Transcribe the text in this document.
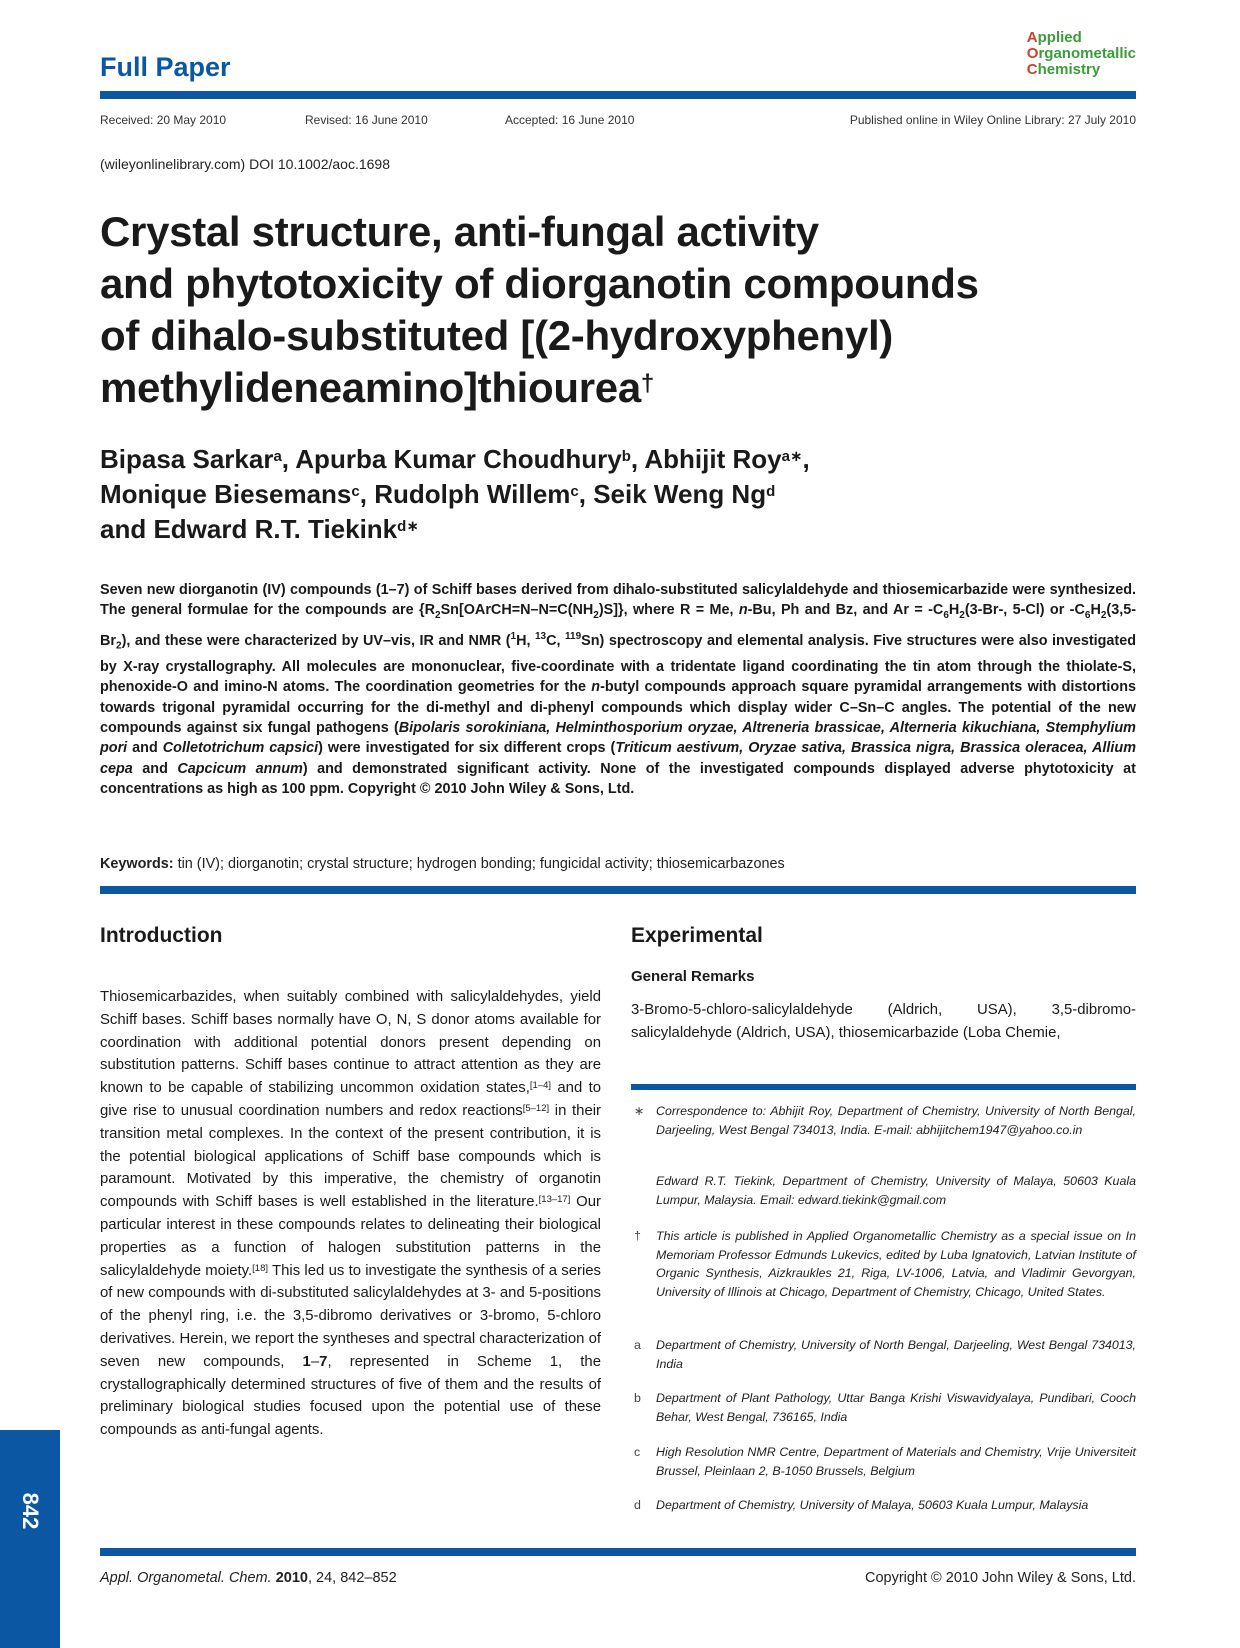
Full Paper
Applied
Organometallic
Chemistry
Received: 20 May 2010	Revised: 16 June 2010	Accepted: 16 June 2010	Published online in Wiley Online Library: 27 July 2010
(wileyonlinelibrary.com) DOI 10.1002/aoc.1698
Crystal structure, anti-fungal activity
and phytotoxicity of diorganotin compounds
of dihalo-substituted [(2-hydroxyphenyl)
methylideneamino]thiourea†
Bipasa Sarkar$^a$, Apurba Kumar Choudhury$^b$, Abhijit Roy$^{a∗}$,
Monique Biesemans$^c$, Rudolph Willem$^c$, Seik Weng Ng$^d$
and Edward R.T. Tiekink$^{d∗}$
Seven new diorganotin (IV) compounds (1–7) of Schiff bases derived from dihalo-substituted salicylaldehyde and thiosemicarbazide were synthesized. The general formulae for the compounds are $\{R_2Sn[OArCH=N-N=C(NH_2)S]\}$, where R = Me, n-Bu, Ph and Bz, and $Ar = -C_6H_2(3-Br-$, 5-Cl) or $-C_6H_2(3,5-Br_2)$, and these were characterized by UV–vis, IR and NMR ($^1$H, $^{13}$C, $^{119}$Sn) spectroscopy and elemental analysis. Five structures were also investigated by X-ray crystallography. All molecules are mononuclear, five-coordinate with a tridentate ligand coordinating the tin atom through the thiolate-S, phenoxide-O and imino-N atoms. The coordination geometries for the n-butyl compounds approach square pyramidal arrangements with distortions towards trigonal pyramidal occurring for the di-methyl and di-phenyl compounds which display wider C–Sn–C angles. The potential of the new compounds against six fungal pathogens (Bipolaris sorokiniana, Helminthosporium oryzae, Altreneria brassicae, Alterneria kikuchiana, Stemphylium pori and Colletotrichum capsici) were investigated for six different crops (Triticum aestivum, Oryzae sativa, Brassica nigra, Brassica oleracea, Allium cepa and Capcicum annum) and demonstrated significant activity. None of the investigated compounds displayed adverse phytotoxicity at concentrations as high as 100 ppm. Copyright © 2010 John Wiley & Sons, Ltd.
Keywords: tin (IV); diorganotin; crystal structure; hydrogen bonding; fungicidal activity; thiosemicarbazones
Introduction
Thiosemicarbazides, when suitably combined with salicylaldehydes, yield Schiff bases. Schiff bases normally have O, N, S donor atoms available for coordination with additional potential donors present depending on substitution patterns. Schiff bases continue to attract attention as they are known to be capable of stabilizing uncommon oxidation states,[1–4] and to give rise to unusual coordination numbers and redox reactions[5–12] in their transition metal complexes. In the context of the present contribution, it is the potential biological applications of Schiff base compounds which is paramount. Motivated by this imperative, the chemistry of organotin compounds with Schiff bases is well established in the literature.[13–17] Our particular interest in these compounds relates to delineating their biological properties as a function of halogen substitution patterns in the salicylaldehyde moiety.[18] This led us to investigate the synthesis of a series of new compounds with di-substituted salicylaldehydes at 3- and 5-positions of the phenyl ring, i.e. the 3,5-dibromo derivatives or 3-bromo, 5-chloro derivatives. Herein, we report the syntheses and spectral characterization of seven new compounds, 1–7, represented in Scheme 1, the crystallographically determined structures of five of them and the results of preliminary biological studies focused upon the potential use of these compounds as anti-fungal agents.
Experimental
General Remarks
3-Bromo-5-chloro-salicylaldehyde (Aldrich, USA), 3,5-dibromo-salicylaldehyde (Aldrich, USA), thiosemicarbazide (Loba Chemie,
∗ Correspondence to: Abhijit Roy, Department of Chemistry, University of North Bengal, Darjeeling, West Bengal 734013, India. E-mail: abhijitchem1947@yahoo.co.in
Edward R.T. Tiekink, Department of Chemistry, University of Malaya, 50603 Kuala Lumpur, Malaysia. Email: edward.tiekink@gmail.com
† This article is published in Applied Organometallic Chemistry as a special issue on In Memoriam Professor Edmunds Lukevics, edited by Luba Ignatovich, Latvian Institute of Organic Synthesis, Aizkraukles 21, Riga, LV-1006, Latvia, and Vladimir Gevorgyan, University of Illinois at Chicago, Department of Chemistry, Chicago, United States.
a Department of Chemistry, University of North Bengal, Darjeeling, West Bengal 734013, India
b Department of Plant Pathology, Uttar Banga Krishi Viswavidyalaya, Pundibari, Cooch Behar, West Bengal, 736165, India
c High Resolution NMR Centre, Department of Materials and Chemistry, Vrije Universiteit Brussel, Pleinlaan 2, B-1050 Brussels, Belgium
d Department of Chemistry, University of Malaya, 50603 Kuala Lumpur, Malaysia
Appl. Organometal. Chem. 2010, 24, 842–852	Copyright © 2010 John Wiley & Sons, Ltd.
842
